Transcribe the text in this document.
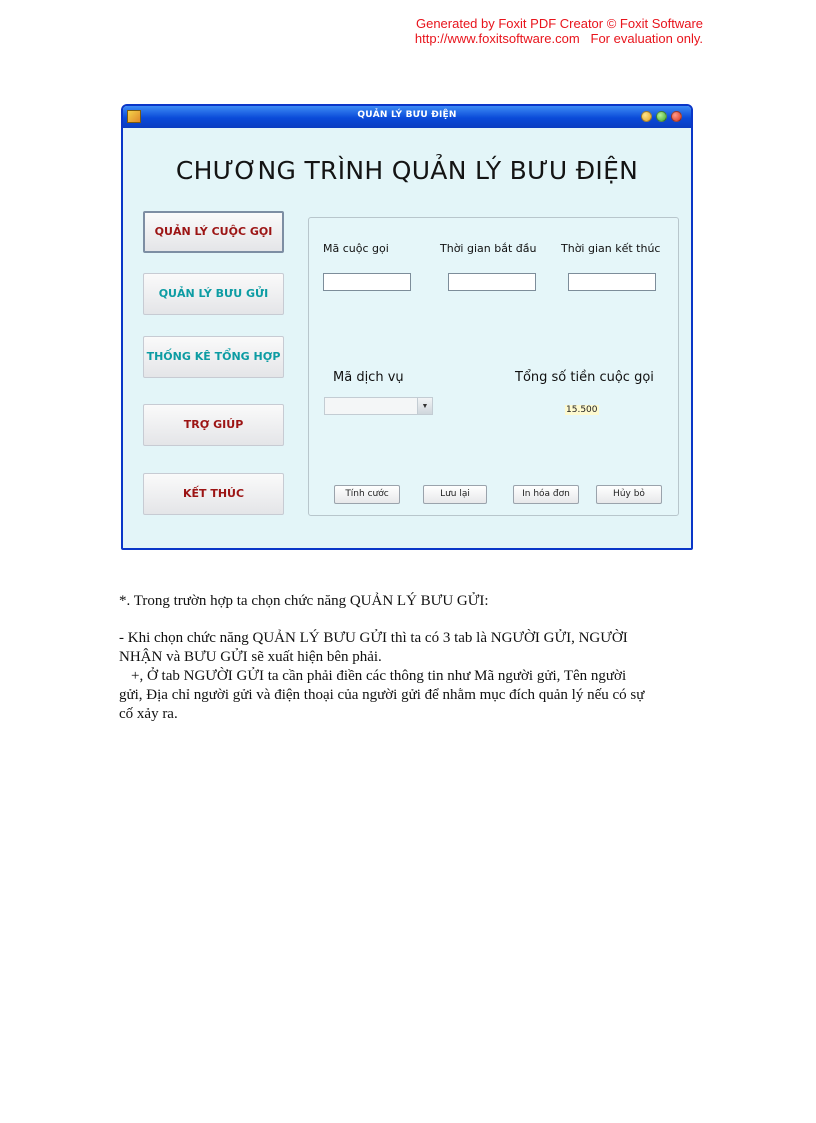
Generated by Foxit PDF Creator © Foxit Software
http://www.foxitsoftware.com For evaluation only.
QUẢN LÝ BƯU ĐIỆN
CHƯƠNG TRÌNH QUẢN LÝ BƯU ĐIỆN
QUẢN LÝ CUỘC GỌI
QUẢN LÝ BƯU GỬI
THỐNG KÊ TỔNG HỢP
TRỢ GIÚP
KẾT THÚC
Mã cuộc gọi	Thời gian bắt đầu Thời gian kết thúc
Mã dịch vụ	Tổng số tiền cuộc gọi
▼	15.500
Tính cước	Lưu lại	In hóa đơn	Hủy bỏ

*. Trong trườn hợp ta chọn chức năng QUẢN LÝ BƯU GỬI:

- Khi chọn chức năng QUẢN LÝ BƯU GỬI thì ta có 3 tab là NGƯỜI GỬI, NGƯỜI

NHẬN và BƯU GỬI sẽ xuất hiện bên phải.

+, Ở tab NGƯỜI GỬI ta cần phải điền các thông tin như Mã người gửi, Tên người

gửi, Địa chỉ người gửi và điện thoại của người gửi để nhằm mục đích quản lý nếu có sự

cố xảy ra.
